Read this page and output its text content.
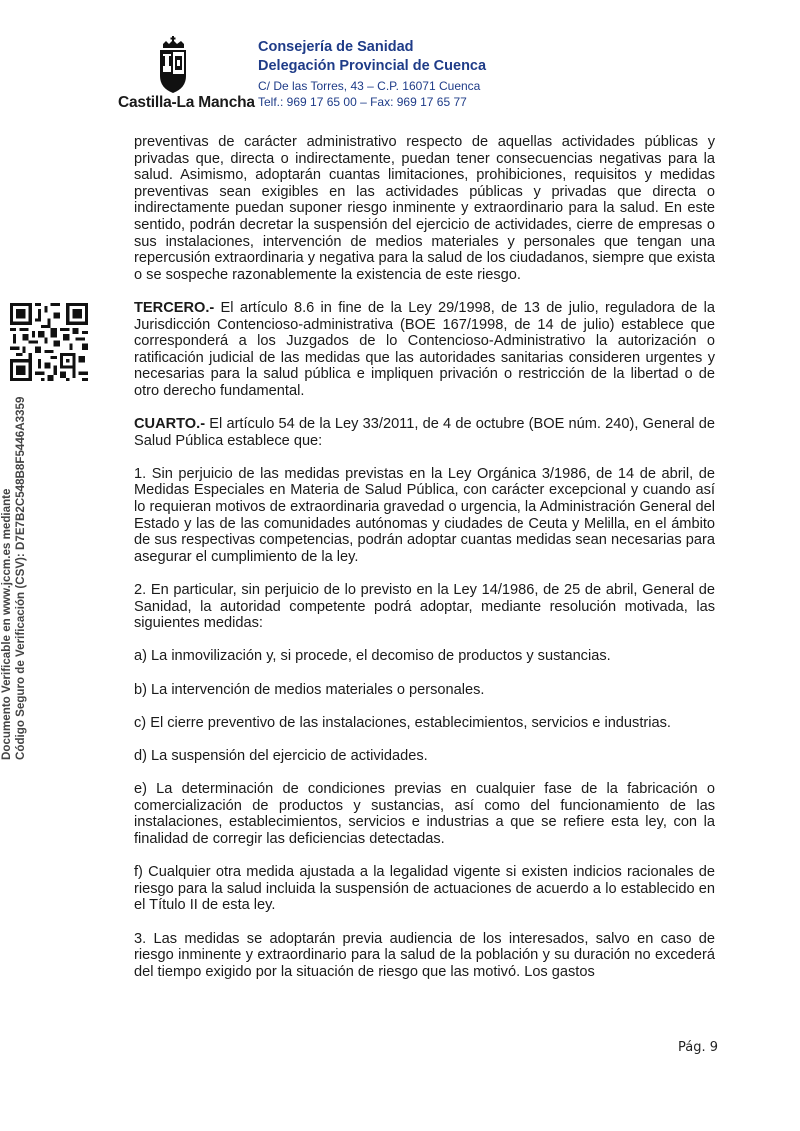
Castilla-La Mancha
Consejería de Sanidad
Delegación Provincial de Cuenca
C/ De las Torres, 43 – C.P. 16071 Cuenca
Telf.: 969 17 65 00 – Fax: 969 17 65 77
Documento Verificable en www.jccm.es mediante Código Seguro de Verificación (CSV): D7E7B2C548B8F5446A3359

preventivas de carácter administrativo respecto de aquellas actividades públicas y privadas que, directa o indirectamente, puedan tener consecuencias negativas para la salud. Asimismo, adoptarán cuantas limitaciones, prohibiciones, requisitos y medidas preventivas sean exigibles en las actividades públicas y privadas que directa o indirectamente puedan suponer riesgo inminente y extraordinario para la salud. En este sentido, podrán decretar la suspensión del ejercicio de actividades, cierre de empresas o sus instalaciones, intervención de medios materiales y personales que tengan una repercusión extraordinaria y negativa para la salud de los ciudadanos, siempre que exista o se sospeche razonablemente la existencia de este riesgo.

TERCERO.- El artículo 8.6 in fine de la Ley 29/1998, de 13 de julio, reguladora de la Jurisdicción Contencioso-administrativa (BOE 167/1998, de 14 de julio) establece que corresponderá a los Juzgados de lo Contencioso-Administrativo la autorización o ratificación judicial de las medidas que las autoridades sanitarias consideren urgentes y necesarias para la salud pública e impliquen privación o restricción de la libertad o de otro derecho fundamental.

CUARTO.- El artículo 54 de la Ley 33/2011, de 4 de octubre (BOE núm. 240), General de Salud Pública establece que:

1. Sin perjuicio de las medidas previstas en la Ley Orgánica 3/1986, de 14 de abril, de Medidas Especiales en Materia de Salud Pública, con carácter excepcional y cuando así lo requieran motivos de extraordinaria gravedad o urgencia, la Administración General del Estado y las de las comunidades autónomas y ciudades de Ceuta y Melilla, en el ámbito de sus respectivas competencias, podrán adoptar cuantas medidas sean necesarias para asegurar el cumplimiento de la ley.

2. En particular, sin perjuicio de lo previsto en la Ley 14/1986, de 25 de abril, General de Sanidad, la autoridad competente podrá adoptar, mediante resolución motivada, las siguientes medidas:

a) La inmovilización y, si procede, el decomiso de productos y sustancias.

b) La intervención de medios materiales o personales.

c) El cierre preventivo de las instalaciones, establecimientos, servicios e industrias.

d) La suspensión del ejercicio de actividades.

e) La determinación de condiciones previas en cualquier fase de la fabricación o comercialización de productos y sustancias, así como del funcionamiento de las instalaciones, establecimientos, servicios e industrias a que se refiere esta ley, con la finalidad de corregir las deficiencias detectadas.

f) Cualquier otra medida ajustada a la legalidad vigente si existen indicios racionales de riesgo para la salud incluida la suspensión de actuaciones de acuerdo a lo establecido en el Título II de esta ley.

3. Las medidas se adoptarán previa audiencia de los interesados, salvo en caso de riesgo inminente y extraordinario para la salud de la población y su duración no excederá del tiempo exigido por la situación de riesgo que las motivó. Los gastos

Pág. 9
